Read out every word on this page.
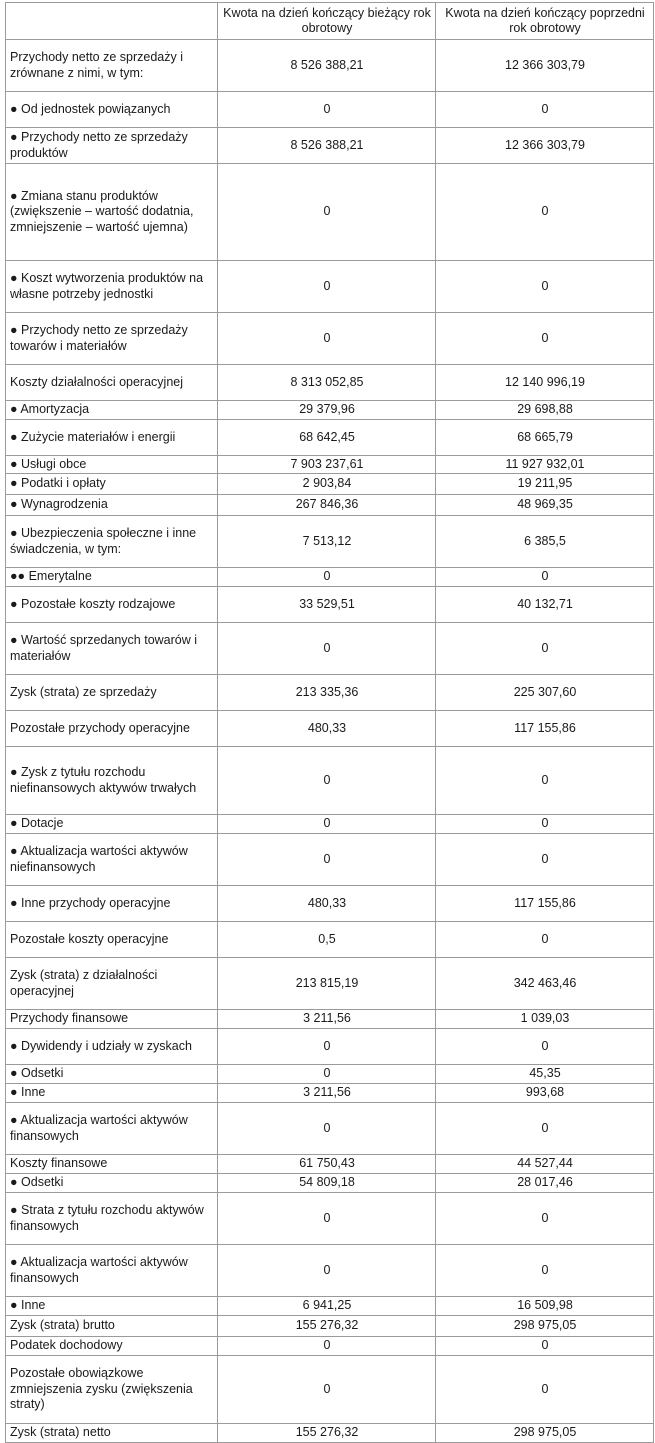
	Kwota na dzień kończący bieżący rok obrotowy	Kwota na dzień kończący poprzedni rok obrotowy
Przychody netto ze sprzedaży i zrównane z nimi, w tym:	8 526 388,21	12 366 303,79
● Od jednostek powiązanych	0	0
● Przychody netto ze sprzedaży produktów	8 526 388,21	12 366 303,79
● Zmiana stanu produktów (zwiększenie – wartość dodatnia, zmniejszenie – wartość ujemna)	0	0
● Koszt wytworzenia produktów na własne potrzeby jednostki	0	0
● Przychody netto ze sprzedaży towarów i materiałów	0	0
Koszty działalności operacyjnej	8 313 052,85	12 140 996,19
● Amortyzacja	29 379,96	29 698,88
● Zużycie materiałów i energii	68 642,45	68 665,79
● Usługi obce	7 903 237,61	11 927 932,01
● Podatki i opłaty	2 903,84	19 211,95
● Wynagrodzenia	267 846,36	48 969,35
● Ubezpieczenia społeczne i inne świadczenia, w tym:	7 513,12	6 385,5
●● Emerytalne	0	0
● Pozostałe koszty rodzajowe	33 529,51	40 132,71
● Wartość sprzedanych towarów i materiałów	0	0
Zysk (strata) ze sprzedaży	213 335,36	225 307,60
Pozostałe przychody operacyjne	480,33	117 155,86
● Zysk z tytułu rozchodu niefinansowych aktywów trwałych	0	0
● Dotacje	0	0
● Aktualizacja wartości aktywów niefinansowych	0	0
● Inne przychody operacyjne	480,33	117 155,86
Pozostałe koszty operacyjne	0,5	0
Zysk (strata) z działalności operacyjnej	213 815,19	342 463,46
Przychody finansowe	3 211,56	1 039,03
● Dywidendy i udziały w zyskach	0	0
● Odsetki	0	45,35
● Inne	3 211,56	993,68
● Aktualizacja wartości aktywów finansowych	0	0
Koszty finansowe	61 750,43	44 527,44
● Odsetki	54 809,18	28 017,46
● Strata z tytułu rozchodu aktywów finansowych	0	0
● Aktualizacja wartości aktywów finansowych	0	0
● Inne	6 941,25	16 509,98
Zysk (strata) brutto	155 276,32	298 975,05
Podatek dochodowy	0	0
Pozostałe obowiązkowe zmniejszenia zysku (zwiększenia straty)	0	0
Zysk (strata) netto	155 276,32	298 975,05
